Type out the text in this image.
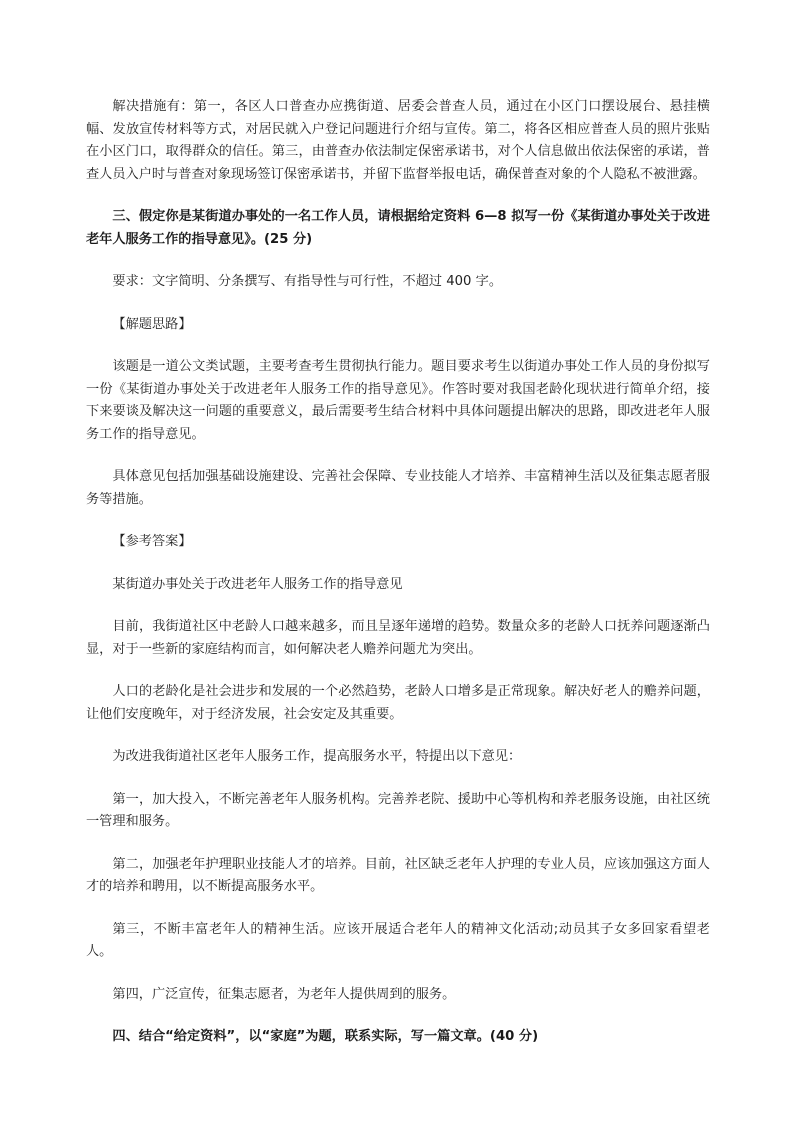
解决措施有：第一，各区人口普查办应携街道、居委会普查人员，通过在小区门口摆设展台、悬挂横幅、发放宣传材料等方式，对居民就入户登记问题进行介绍与宣传。第二，将各区相应普查人员的照片张贴在小区门口，取得群众的信任。第三，由普查办依法制定保密承诺书，对个人信息做出依法保密的承诺，普查人员入户时与普查对象现场签订保密承诺书，并留下监督举报电话，确保普查对象的个人隐私不被泄露。

三、假定你是某街道办事处的一名工作人员，请根据给定资料 6—8 拟写一份《某街道办事处关于改进老年人服务工作的指导意见》。(25 分)

要求：文字简明、分条撰写、有指导性与可行性，不超过 400 字。

【解题思路】

该题是一道公文类试题，主要考查考生贯彻执行能力。题目要求考生以街道办事处工作人员的身份拟写一份《某街道办事处关于改进老年人服务工作的指导意见》。作答时要对我国老龄化现状进行简单介绍，接下来要谈及解决这一问题的重要意义，最后需要考生结合材料中具体问题提出解决的思路，即改进老年人服务工作的指导意见。

具体意见包括加强基础设施建设、完善社会保障、专业技能人才培养、丰富精神生活以及征集志愿者服务等措施。

【参考答案】

某街道办事处关于改进老年人服务工作的指导意见

目前，我街道社区中老龄人口越来越多，而且呈逐年递增的趋势。数量众多的老龄人口抚养问题逐渐凸显，对于一些新的家庭结构而言，如何解决老人赡养问题尤为突出。

人口的老龄化是社会进步和发展的一个必然趋势，老龄人口增多是正常现象。解决好老人的赡养问题，让他们安度晚年，对于经济发展，社会安定及其重要。

为改进我街道社区老年人服务工作，提高服务水平，特提出以下意见：

第一，加大投入，不断完善老年人服务机构。完善养老院、援助中心等机构和养老服务设施，由社区统一管理和服务。

第二，加强老年护理职业技能人才的培养。目前，社区缺乏老年人护理的专业人员，应该加强这方面人才的培养和聘用，以不断提高服务水平。

第三，不断丰富老年人的精神生活。应该开展适合老年人的精神文化活动;动员其子女多回家看望老人。

第四，广泛宣传，征集志愿者，为老年人提供周到的服务。

四、结合“给定资料”，以“家庭”为题，联系实际，写一篇文章。(40 分)
